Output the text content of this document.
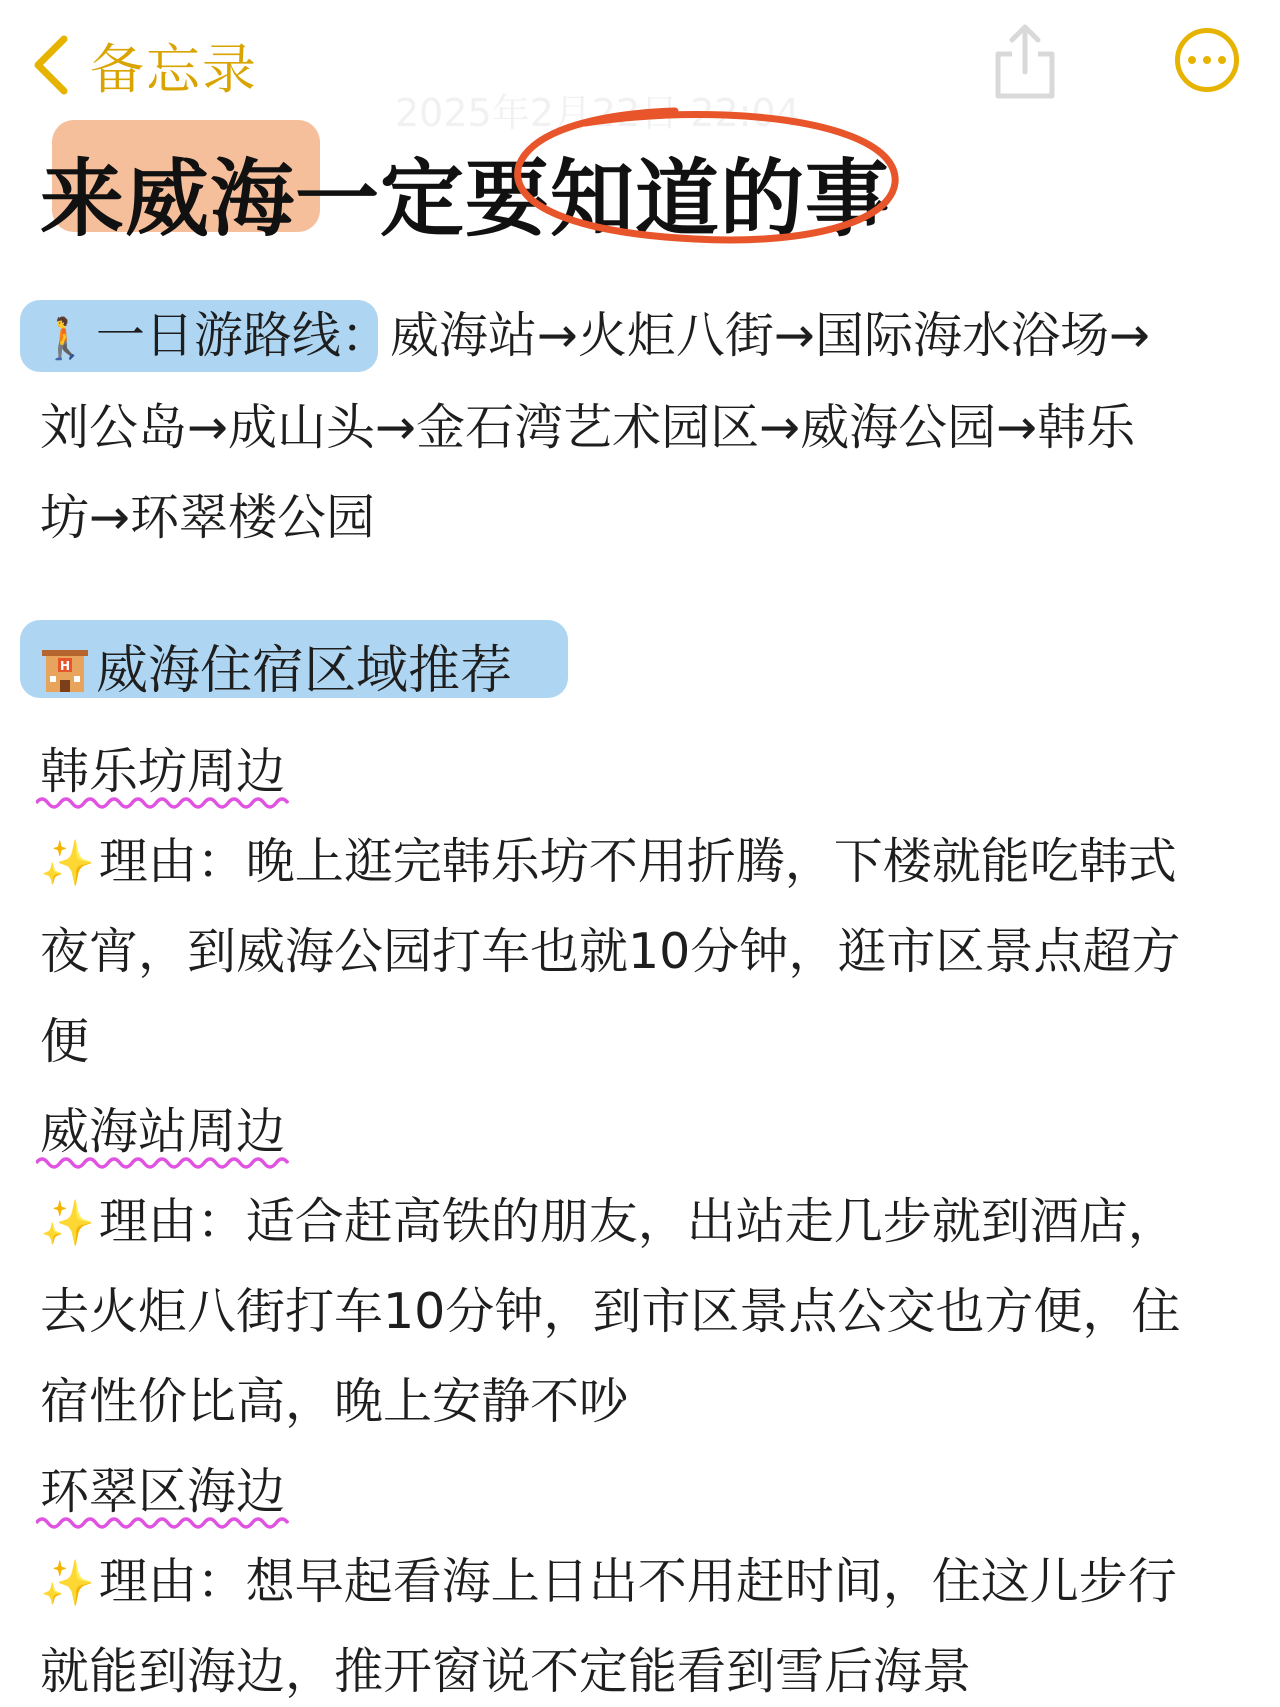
备忘录
2025年2月22日 22:04
来威海一定要知道的事
🚶 一日游路线：威海站→火炬八街→国际海水浴场→
刘公岛→成山头→金石湾艺术园区→威海公园→韩乐
坊→环翠楼公园
H 威海住宿区域推荐
韩乐坊周边
✨理由：晚上逛完韩乐坊不用折腾，下楼就能吃韩式
夜宵，到威海公园打车也就10分钟，逛市区景点超方
便
威海站周边
✨理由：适合赶高铁的朋友，出站走几步就到酒店，
去火炬八街打车10分钟，到市区景点公交也方便，住
宿性价比高，晚上安静不吵
环翠区海边
✨理由：想早起看海上日出不用赶时间，住这儿步行
就能到海边，推开窗说不定能看到雪后海景
